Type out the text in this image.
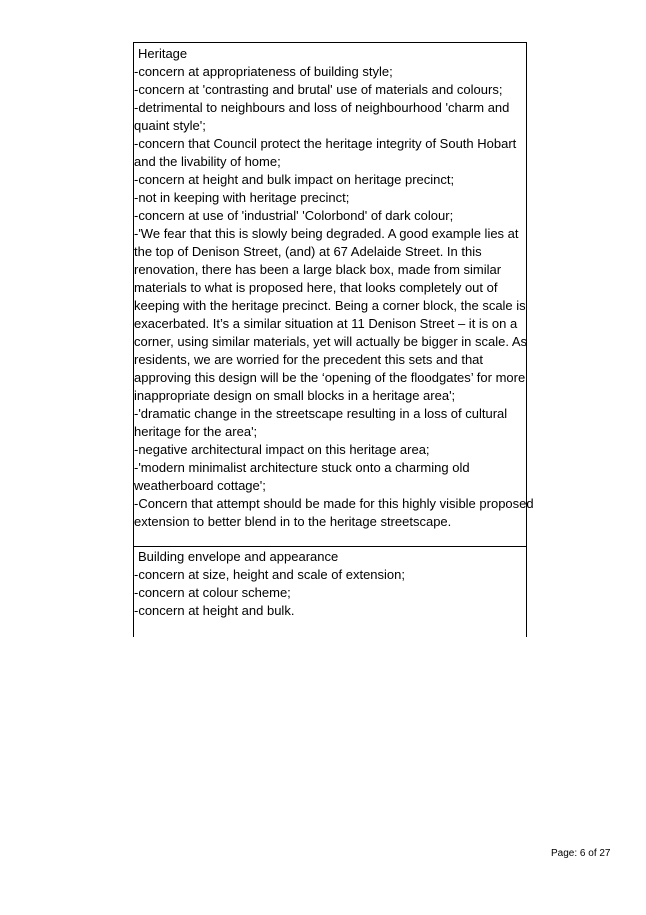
Heritage
-concern at appropriateness of building style;
-concern at 'contrasting and brutal' use of materials and colours;
-detrimental to neighbours and loss of neighbourhood 'charm and
quaint style';
-concern that Council protect the heritage integrity of South Hobart
and the livability of home;
-concern at height and bulk impact on heritage precinct;
-not in keeping with heritage precinct;
-concern at use of 'industrial' 'Colorbond' of dark colour;
-'We fear that this is slowly being degraded. A good example lies at
the top of Denison Street, (and) at 67 Adelaide Street. In this
renovation, there has been a large black box, made from similar
materials to what is proposed here, that looks completely out of
keeping with the heritage precinct. Being a corner block, the scale is
exacerbated. It’s a similar situation at 11 Denison Street – it is on a
corner, using similar materials, yet will actually be bigger in scale. As
residents, we are worried for the precedent this sets and that
approving this design will be the ‘opening of the floodgates’ for more
inappropriate design on small blocks in a heritage area';
-'dramatic change in the streetscape resulting in a loss of cultural
heritage for the area';
-negative architectural impact on this heritage area;
-'modern minimalist architecture stuck onto a charming old
weatherboard cottage';
-Concern that attempt should be made for this highly visible proposed
extension to better blend in to the heritage streetscape.
Building envelope and appearance
-concern at size, height and scale of extension;
-concern at colour scheme;
-concern at height and bulk.
Page: 6 of 27
